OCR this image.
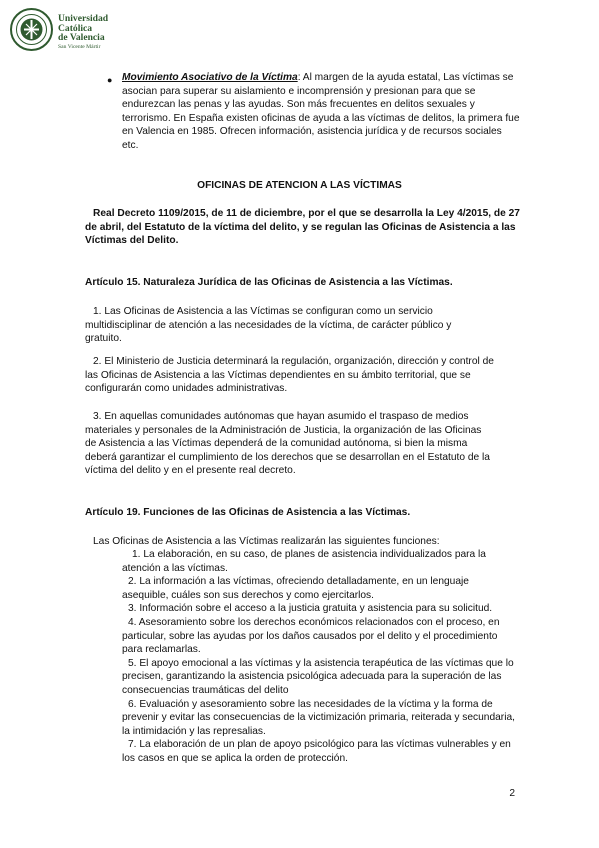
Universidad
Católica
de Valencia
San Vicente Mártir
● Movimiento Asociativo de la Víctima: Al margen de la ayuda estatal, Las víctimas se
asocian para superar su aislamiento e incomprensión y presionan para que se
endurezcan las penas y las ayudas. Son más frecuentes en delitos sexuales y
terrorismo. En España existen oficinas de ayuda a las víctimas de delitos, la primera fue
en Valencia en 1985. Ofrecen información, asistencia jurídica y de recursos sociales
etc.
OFICINAS DE ATENCION A LAS VÍCTIMAS
Real Decreto 1109/2015, de 11 de diciembre, por el que se desarrolla la Ley 4/2015, de 27
de abril, del Estatuto de la víctima del delito, y se regulan las Oficinas de Asistencia a las
Víctimas del Delito.
Artículo 15. Naturaleza Jurídica de las Oficinas de Asistencia a las Víctimas.
1. Las Oficinas de Asistencia a las Víctimas se configuran como un servicio
multidisciplinar de atención a las necesidades de la víctima, de carácter público y
gratuito.
2. El Ministerio de Justicia determinará la regulación, organización, dirección y control de
las Oficinas de Asistencia a las Víctimas dependientes en su ámbito territorial, que se
configurarán como unidades administrativas.
3. En aquellas comunidades autónomas que hayan asumido el traspaso de medios
materiales y personales de la Administración de Justicia, la organización de las Oficinas
de Asistencia a las Víctimas dependerá de la comunidad autónoma, si bien la misma
deberá garantizar el cumplimiento de los derechos que se desarrollan en el Estatuto de la
víctima del delito y en el presente real decreto.
Artículo 19. Funciones de las Oficinas de Asistencia a las Víctimas.
Las Oficinas de Asistencia a las Víctimas realizarán las siguientes funciones:
1. La elaboración, en su caso, de planes de asistencia individualizados para la
atención a las víctimas.
2. La información a las víctimas, ofreciendo detalladamente, en un lenguaje
asequible, cuáles son sus derechos y como ejercitarlos.
3. Información sobre el acceso a la justicia gratuita y asistencia para su solicitud.
4. Asesoramiento sobre los derechos económicos relacionados con el proceso, en
particular, sobre las ayudas por los daños causados por el delito y el procedimiento
para reclamarlas.
5. El apoyo emocional a las víctimas y la asistencia terapéutica de las víctimas que lo
precisen, garantizando la asistencia psicológica adecuada para la superación de las
consecuencias traumáticas del delito
6. Evaluación y asesoramiento sobre las necesidades de la víctima y la forma de
prevenir y evitar las consecuencias de la victimización primaria, reiterada y secundaria,
la intimidación y las represalias.
7. La elaboración de un plan de apoyo psicológico para las víctimas vulnerables y en
los casos en que se aplica la orden de protección.
2
